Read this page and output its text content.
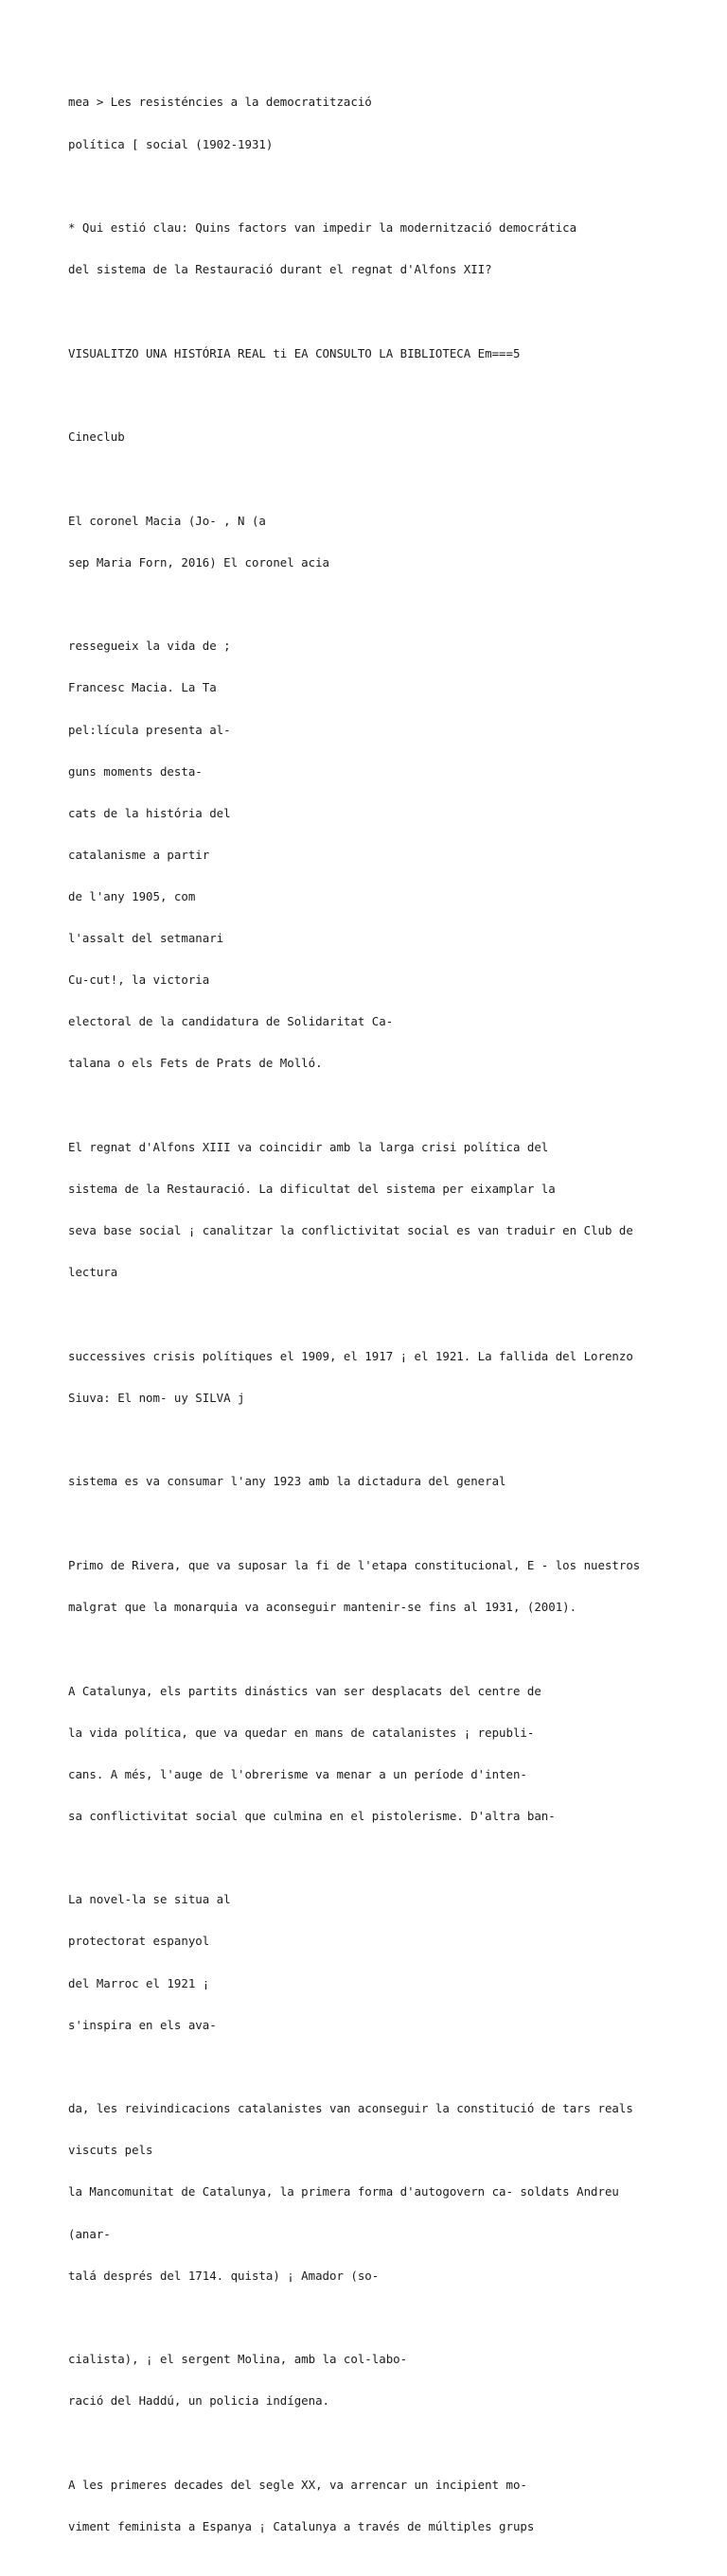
mea > Les resisténcies a la democratització

política [ social (1902-1931)

* Qui estió clau: Quins factors van impedir la modernització democrática

del sistema de la Restauració durant el regnat d'Alfons XII?

VISUALITZO UNA HISTÓRIA REAL ti EA CONSULTO LA BIBLIOTECA Em===5

Cineclub

El coronel Macia (Jo- , N (a

sep Maria Forn, 2016) El coronel acia

ressegueix la vida de ;

Francesc Macia. La Ta

pel:lícula presenta al-

guns moments desta-

cats de la história del

catalanisme a partir

de l'any 1905, com

l'assalt del setmanari

Cu-cut!, la victoria

electoral de la candidatura de Solidaritat Ca-

talana o els Fets de Prats de Molló.

El regnat d'Alfons XIII va coincidir amb la larga crisi política del

sistema de la Restauració. La dificultat del sistema per eixamplar la

seva base social ¡ canalitzar la conflictivitat social es van traduir en Club de

lectura

successives crisis polítiques el 1909, el 1917 ¡ el 1921. La fallida del Lorenzo

Siuva: El nom- uy SILVA j

sistema es va consumar l'any 1923 amb la dictadura del general

Primo de Rivera, que va suposar la fi de l'etapa constitucional, E - los nuestros

malgrat que la monarquia va aconseguir mantenir-se fins al 1931, (2001).

A Catalunya, els partits dinástics van ser desplacats del centre de

la vida política, que va quedar en mans de catalanistes ¡ republi-

cans. A més, l'auge de l'obrerisme va menar a un període d'inten-

sa conflictivitat social que culmina en el pistolerisme. D'altra ban-

La novel-la se situa al

protectorat espanyol

del Marroc el 1921 ¡

s'inspira en els ava-

da, les reivindicacions catalanistes van aconseguir la constitució de tars reals

viscuts pels

la Mancomunitat de Catalunya, la primera forma d'autogovern ca- soldats Andreu

(anar-

talá després del 1714. quista) ¡ Amador (so-

cialista), ¡ el sergent Molina, amb la col-labo-

ració del Haddú, un policia indígena.

A les primeres decades del segle XX, va arrencar un incipient mo-

viment feminista a Espanya ¡ Catalunya a través de múltiples grups
